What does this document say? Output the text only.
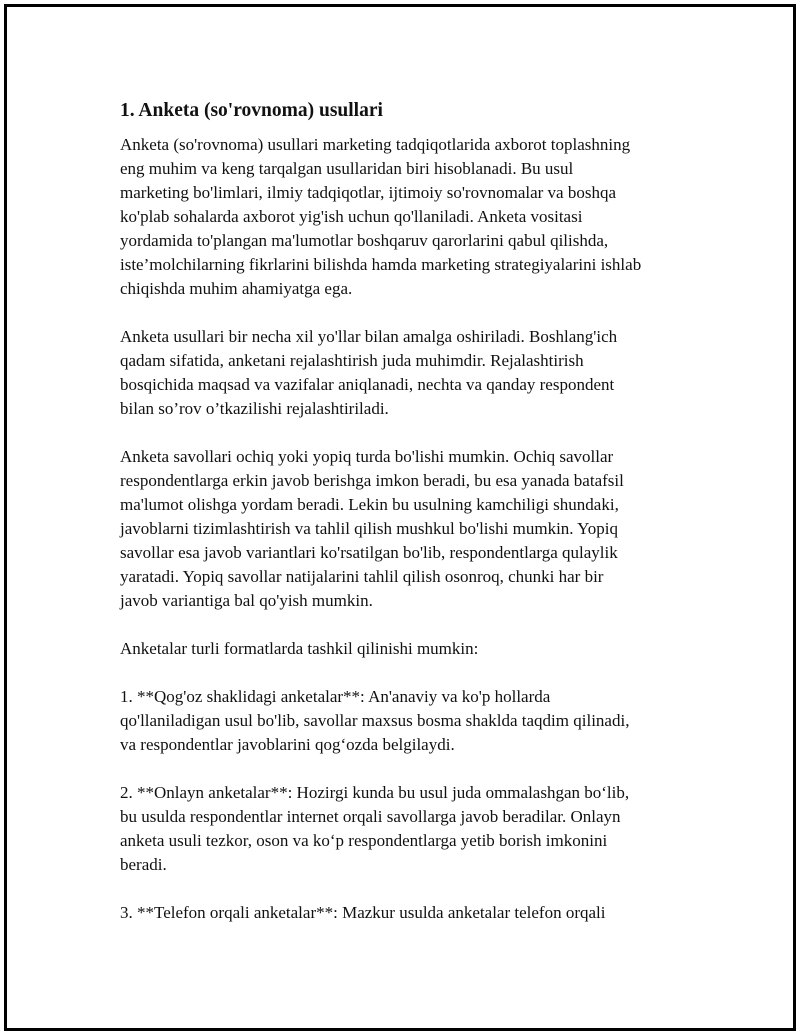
1. Anketa (so'rovnoma) usullari
Anketa (so'rovnoma) usullari marketing tadqiqotlarida axborot toplashning
eng muhim va keng tarqalgan usullaridan biri hisoblanadi. Bu usul
marketing bo'limlari, ilmiy tadqiqotlar, ijtimoiy so'rovnomalar va boshqa
ko'plab sohalarda axborot yig'ish uchun qo'llaniladi. Anketa vositasi
yordamida to'plangan ma'lumotlar boshqaruv qarorlarini qabul qilishda,
iste’molchilarning fikrlarini bilishda hamda marketing strategiyalarini ishlab
chiqishda muhim ahamiyatga ega.
Anketa usullari bir necha xil yo'llar bilan amalga oshiriladi. Boshlang'ich
qadam sifatida, anketani rejalashtirish juda muhimdir. Rejalashtirish
bosqichida maqsad va vazifalar aniqlanadi, nechta va qanday respondent
bilan so’rov o’tkazilishi rejalashtiriladi.
Anketa savollari ochiq yoki yopiq turda bo'lishi mumkin. Ochiq savollar
respondentlarga erkin javob berishga imkon beradi, bu esa yanada batafsil
ma'lumot olishga yordam beradi. Lekin bu usulning kamchiligi shundaki,
javoblarni tizimlashtirish va tahlil qilish mushkul bo'lishi mumkin. Yopiq
savollar esa javob variantlari ko'rsatilgan bo'lib, respondentlarga qulaylik
yaratadi. Yopiq savollar natijalarini tahlil qilish osonroq, chunki har bir
javob variantiga bal qo'yish mumkin.
Anketalar turli formatlarda tashkil qilinishi mumkin:
1. **Qog'oz shaklidagi anketalar**: An'anaviy va ko'p hollarda
qo'llaniladigan usul bo'lib, savollar maxsus bosma shaklda taqdim qilinadi,
va respondentlar javoblarini qog‘ozda belgilaydi.
2. **Onlayn anketalar**: Hozirgi kunda bu usul juda ommalashgan bo‘lib,
bu usulda respondentlar internet orqali savollarga javob beradilar. Onlayn
anketa usuli tezkor, oson va ko‘p respondentlarga yetib borish imkonini
beradi.
3. **Telefon orqali anketalar**: Mazkur usulda anketalar telefon orqali
